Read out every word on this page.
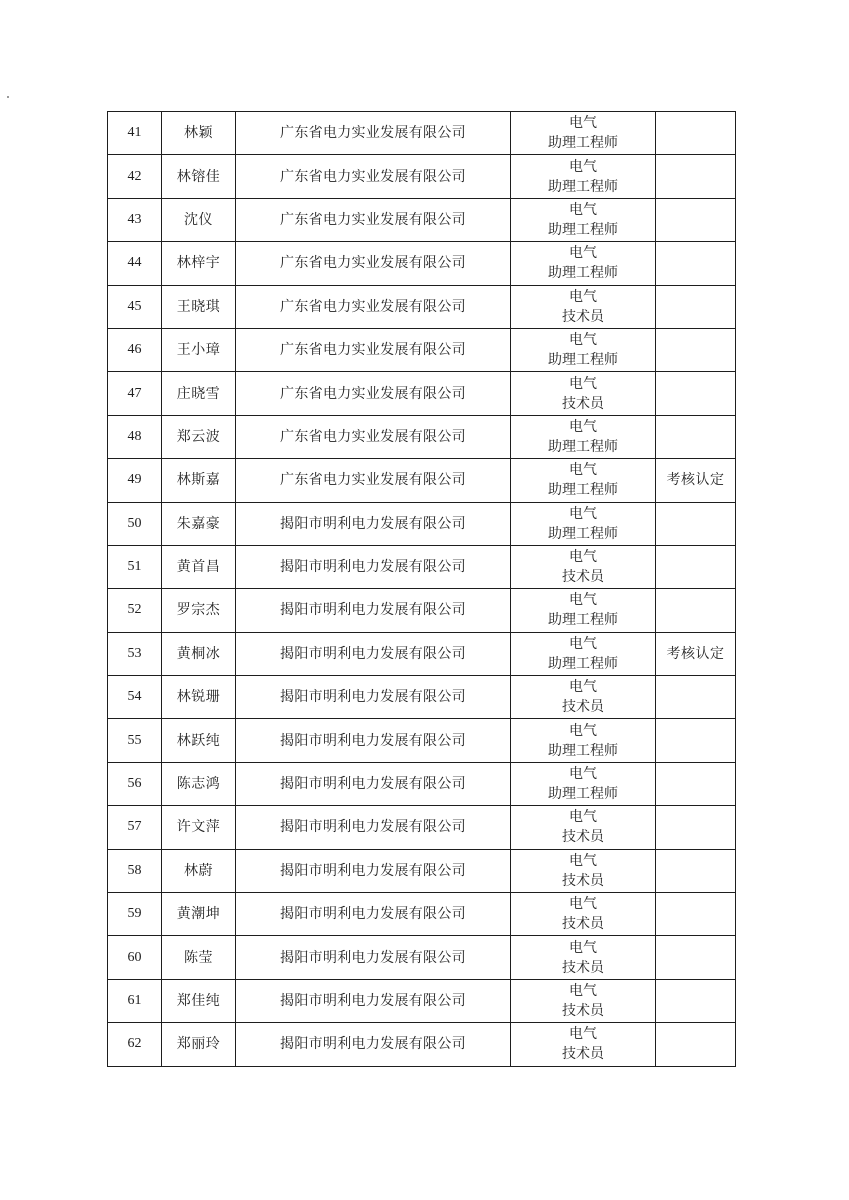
41	林颖	广东省电力实业发展有限公司	电气
助理工程师	

42	林镕佳	广东省电力实业发展有限公司	电气
助理工程师	

43	沈仪	广东省电力实业发展有限公司	电气
助理工程师	

44	林梓宇	广东省电力实业发展有限公司	电气
助理工程师	

45	王晓琪	广东省电力实业发展有限公司	电气
技术员	

46	王小璋	广东省电力实业发展有限公司	电气
助理工程师	

47	庄晓雪	广东省电力实业发展有限公司	电气
技术员	

48	郑云波	广东省电力实业发展有限公司	电气
助理工程师	

49	林斯嘉	广东省电力实业发展有限公司	电气
助理工程师	考核认定
50	朱嘉豪	揭阳市明利电力发展有限公司	电气
助理工程师	

51	黄首昌	揭阳市明利电力发展有限公司	电气
技术员	

52	罗宗杰	揭阳市明利电力发展有限公司	电气
助理工程师	

53	黄桐冰	揭阳市明利电力发展有限公司	电气
助理工程师	考核认定
54	林锐珊	揭阳市明利电力发展有限公司	电气
技术员	

55	林跃纯	揭阳市明利电力发展有限公司	电气
助理工程师	

56	陈志鸿	揭阳市明利电力发展有限公司	电气
助理工程师	

57	许文萍	揭阳市明利电力发展有限公司	电气
技术员	

58	林蔚	揭阳市明利电力发展有限公司	电气
技术员	

59	黄潮坤	揭阳市明利电力发展有限公司	电气
技术员	

60	陈莹	揭阳市明利电力发展有限公司	电气
技术员	

61	郑佳纯	揭阳市明利电力发展有限公司	电气
技术员	

62	郑丽玲	揭阳市明利电力发展有限公司	电气
技术员	
